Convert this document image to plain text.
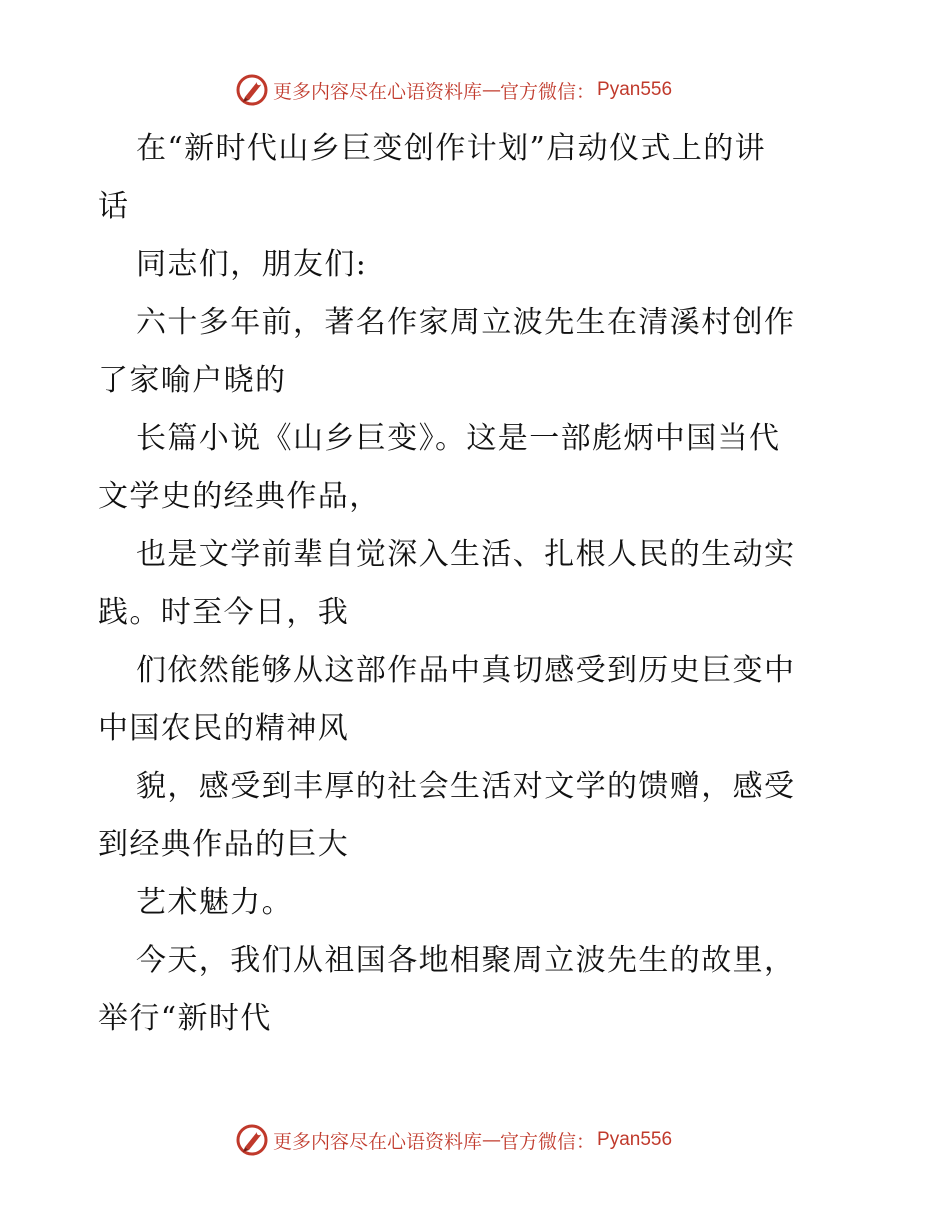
更多内容尽在心语资料库 — 官方微信： Pyan556
在“新时代山乡巨变创作计划”启动仪式上的讲
话
同志们，朋友们:
六十多年前，著名作家周立波先生在清溪村创作
了家喻户晓的
长篇小说《山乡巨变》。这是一部彪炳中国当代
文学史的经典作品，
也是文学前辈自觉深入生活、扎根人民的生动实
践。时至今日，我
们依然能够从这部作品中真切感受到历史巨变中
中国农民的精神风
貌，感受到丰厚的社会生活对文学的馈赠，感受
到经典作品的巨大
艺术魅力。
今天，我们从祖国各地相聚周立波先生的故里，
举行“新时代
更多内容尽在心语资料库 — 官方微信： Pyan556
